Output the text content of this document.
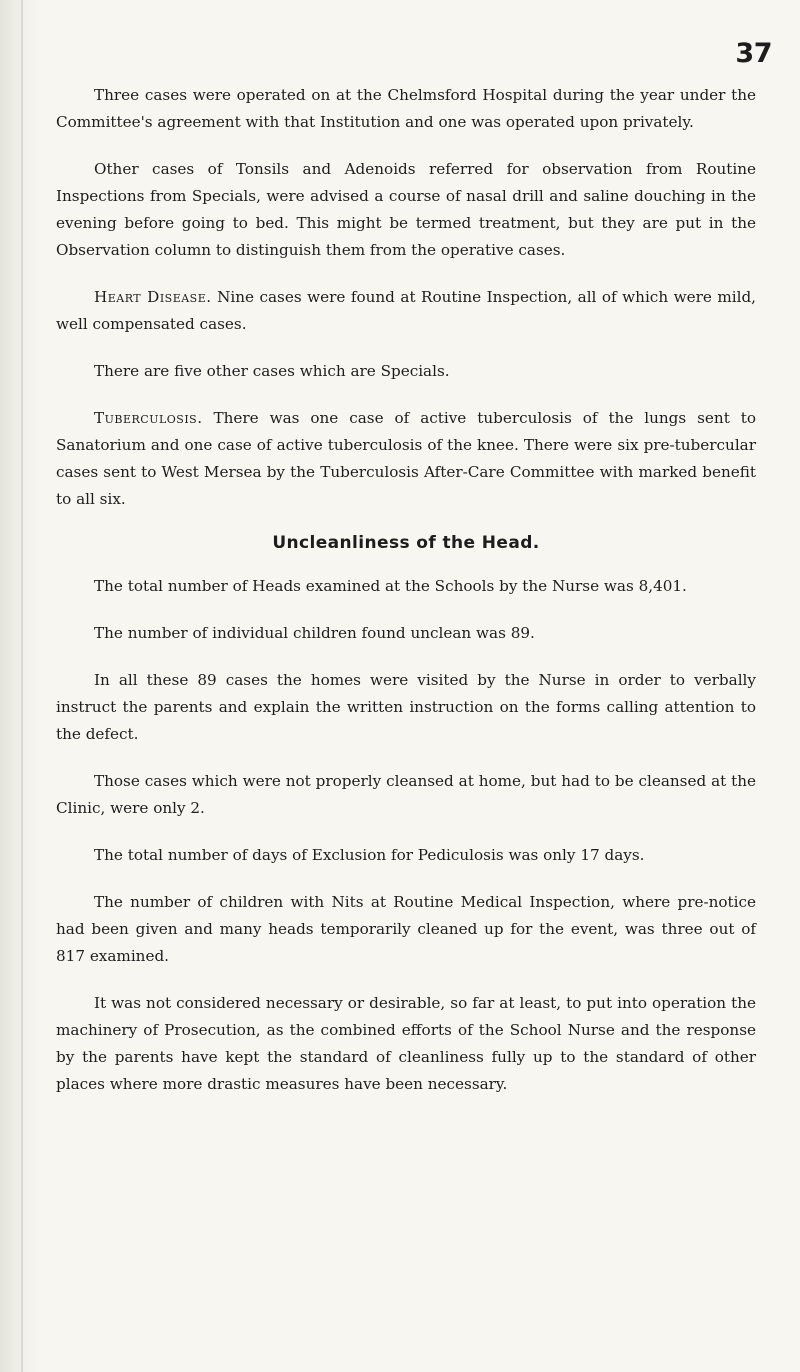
37

Three cases were operated on at the Chelmsford Hospital during the year under the Committee's agreement with that Institution and one was operated upon privately.

Other cases of Tonsils and Adenoids referred for observation from Routine Inspections from Specials, were advised a course of nasal drill and saline douching in the evening before going to bed. This might be termed treatment, but they are put in the Observation column to distinguish them from the operative cases.

Heart Disease. Nine cases were found at Routine Inspection, all of which were mild, well compensated cases.

There are five other cases which are Specials.

Tuberculosis. There was one case of active tuberculosis of the lungs sent to Sanatorium and one case of active tuberculosis of the knee. There were six pre-tubercular cases sent to West Mersea by the Tuberculosis After-Care Committee with marked benefit to all six.

Uncleanliness of the Head.

The total number of Heads examined at the Schools by the Nurse was 8,401.

The number of individual children found unclean was 89.

In all these 89 cases the homes were visited by the Nurse in order to verbally instruct the parents and explain the written instruction on the forms calling attention to the defect.

Those cases which were not properly cleansed at home, but had to be cleansed at the Clinic, were only 2.

The total number of days of Exclusion for Pediculosis was only 17 days.

The number of children with Nits at Routine Medical Inspection, where pre-notice had been given and many heads temporarily cleaned up for the event, was three out of 817 examined.

It was not considered necessary or desirable, so far at least, to put into operation the machinery of Prosecution, as the combined efforts of the School Nurse and the response by the parents have kept the standard of cleanliness fully up to the standard of other places where more drastic measures have been necessary.
